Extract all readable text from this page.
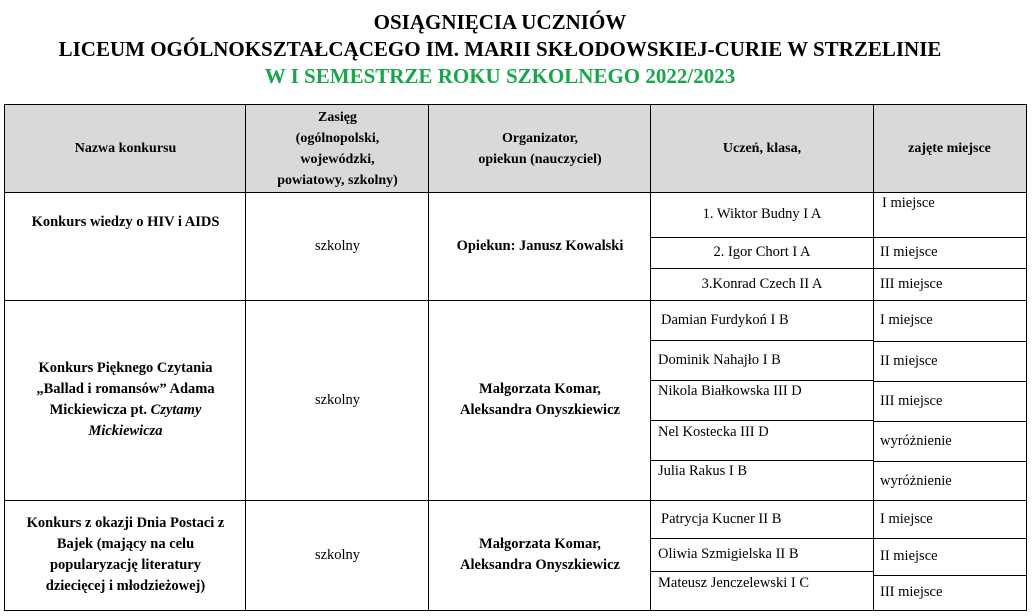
OSIĄGNIĘCIA UCZNIÓW
LICEUM OGÓLNOKSZTAŁCĄCEGO IM. MARII SKŁODOWSKIEJ-CURIE W STRZELINIE
W I SEMESTRZE ROKU SZKOLNEGO 2022/2023
Nazwa konkursu
Zasięg
(ogólnopolski,
wojewódzki,
powiatowy, szkolny)
Organizator,
opiekun (nauczyciel)
Uczeń, klasa,	zajęte miejsce
Konkurs wiedzy o HIV i AIDS
szkolny	Opiekun: Janusz Kowalski
1. Wiktor Budny I A
2. Igor Chort I A
3.Konrad Czech II A
I miejsce
II miejsce
III miejsce
Konkurs Pięknego Czytania
„Ballad i romansów” Adama
Mickiewicza pt. Czytamy
Mickiewicza
szkolny
Małgorzata Komar,
Aleksandra Onyszkiewicz
Damian Furdykoń I B
Dominik Nahajło I B
Nikola Białkowska III D
Nel Kostecka III D
Julia Rakus I B
I miejsce
II miejsce
III miejsce
wyróżnienie
wyróżnienie
Konkurs z okazji Dnia Postaci z
Bajek (mający na celu
popularyzację literatury
dziecięcej i młodzieżowej)
szkolny
Małgorzata Komar,
Aleksandra Onyszkiewicz
Patrycja Kucner II B
Oliwia Szmigielska II B
Mateusz Jenczelewski I C
I miejsce
II miejsce
III miejsce
